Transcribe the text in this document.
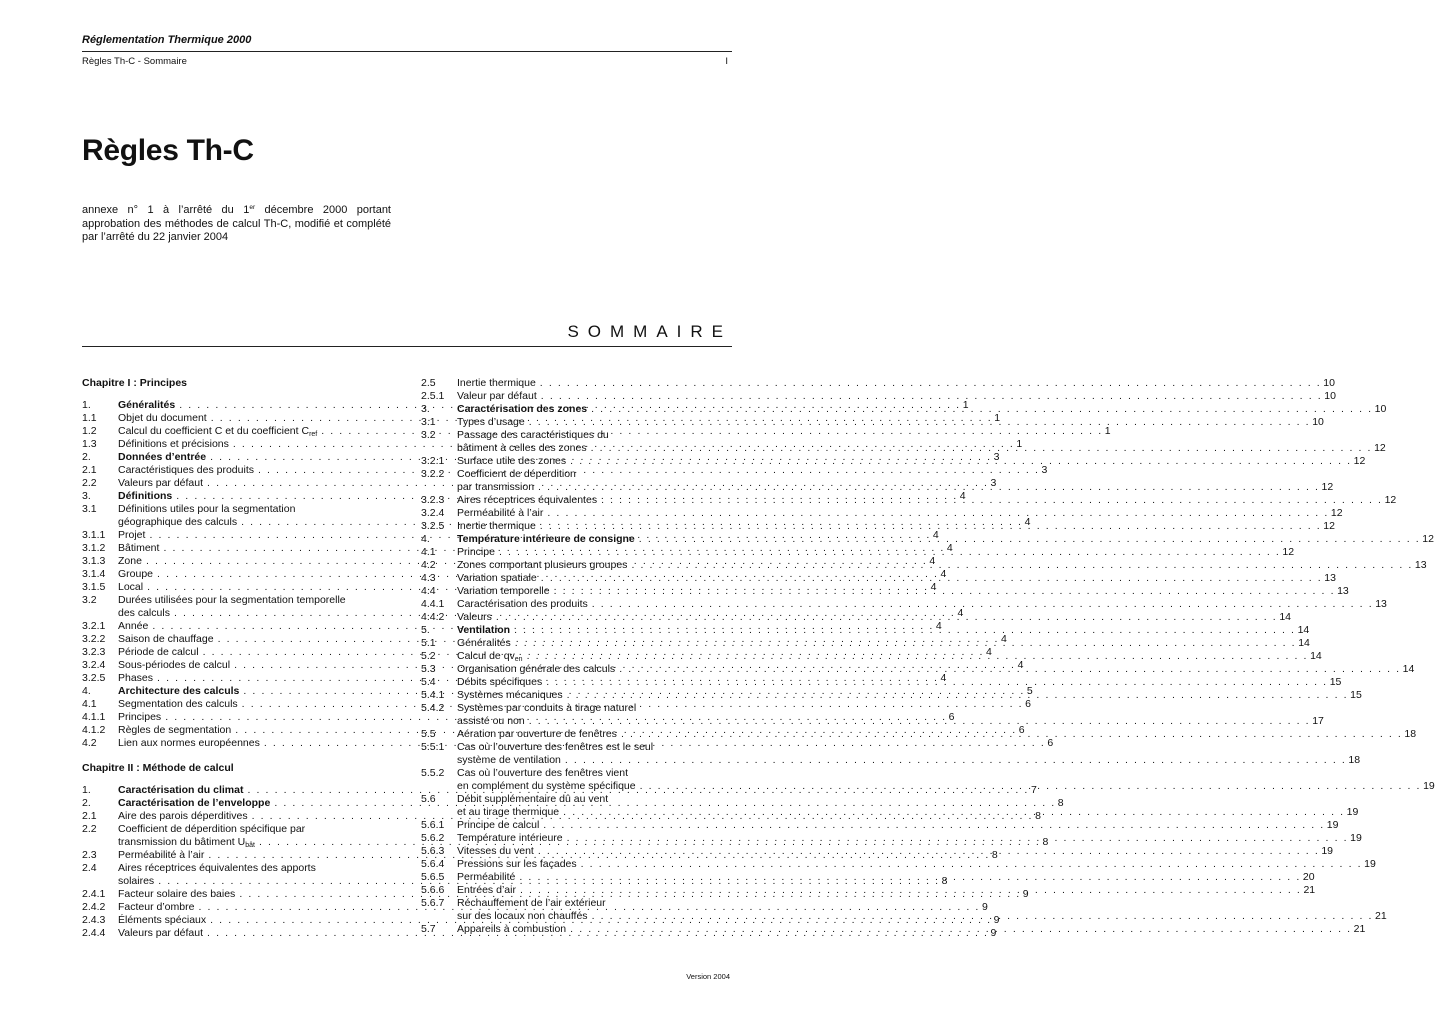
Réglementation Thermique 2000
Règles Th-C - Sommaire	I
Règles Th-C
annexe n° 1 à l’arrêté du 1er décembre 2000 portant approbation des méthodes de calcul Th-C, modifié et complété par l’arrêté du 22 janvier 2004
SOMMAIRE
Chapitre I : Principes
1.	Généralités . . .	1
1.1	Objet du document . . .	1
1.2	Calcul du coefficient C et du coefficient $C_{ref}$ . . .	1
1.3	Définitions et précisions . . .	1
2.	Données d’entrée . . .	3
2.1	Caractéristiques des produits . . .	3
2.2	Valeurs par défaut . . .	3
3.	Définitions . . .	4
3.1	Définitions utiles pour la segmentation
géographique des calculs . . .	4
3.1.1	Projet . . .	4
3.1.2	Bâtiment . . .	4
3.1.3	Zone . . .	4
3.1.4	Groupe . . .	4
3.1.5	Local . . .	4
3.2	Durées utilisées pour la segmentation temporelle
des calculs . . .	4
3.2.1	Année . . .	4
3.2.2	Saison de chauffage . . .	4
3.2.3	Période de calcul . . .	4
3.2.4	Sous-périodes de calcul . . .	4
3.2.5	Phases . . .	4
4.	Architecture des calculs . . .	5
4.1	Segmentation des calculs . . .	6
4.1.1	Principes . . .	6
4.1.2	Règles de segmentation . . .	6
4.2	Lien aux normes européennes . . .	6
Chapitre II : Méthode de calcul
1.	Caractérisation du climat . . .	7
2.	Caractérisation de l’enveloppe . . .	8
2.1	Aire des parois déperditives . . .	8
2.2	Coefficient de déperdition spécifique par
transmission du bâtiment $U_{bât}$ . . .	8
2.3	Perméabilité à l’air . . .	8
2.4	Aires réceptrices équivalentes des apports
solaires . . .	8
2.4.1	Facteur solaire des baies . . .	9
2.4.2	Facteur d’ombre . . .	9
2.4.3	Éléments spéciaux . . .	9
2.4.4	Valeurs par défaut . . .	9
2.5	Inertie thermique . . .	10
2.5.1	Valeur par défaut . . .	10
3.	Caractérisation des zones . . .	10
3.1	Types d’usage . . .	10
3.2	Passage des caractéristiques du
bâtiment à celles des zones . . .	12
3.2.1	Surface utile des zones . . .	12
3.2.2	Coefficient de déperdition
par transmission . . .	12
3.2.3	Aires réceptrices équivalentes . . .	12
3.2.4	Perméabilité à l’air . . .	12
3.2.5	Inertie thermique . . .	12
4.	Température intérieure de consigne . . .	12
4.1	Principe . . .	12
4.2	Zones comportant plusieurs groupes . . .	13
4.3	Variation spatiale . . .	13
4.4	Variation temporelle . . .	13
4.4.1	Caractérisation des produits . . .	13
4.4.2	Valeurs . . .	14
5.	Ventilation . . .	14
5.1	Généralités . . .	14
5.2	Calcul de $qv_{en}$ . . .	14
5.3	Organisation générale des calculs . . .	14
5.4	Débits spécifiques . . .	15
5.4.1	Systèmes mécaniques . . .	15
5.4.2	Systèmes par conduits à tirage naturel
assisté ou non . . .	17
5.5	Aération par ouverture de fenêtres . . .	18
5.5.1	Cas où l’ouverture des fenêtres est le seul
système de ventilation . . .	18
5.5.2	Cas où l’ouverture des fenêtres vient
en complément du système spécifique . . .	19
5.6	Débit supplémentaire dû au vent
et au tirage thermique . . .	19
5.6.1	Principe de calcul . . .	19
5.6.2	Température intérieure . . .	19
5.6.3	Vitesses du vent . . .	19
5.6.4	Pressions sur les façades . . .	19
5.6.5	Perméabilité . . .	20
5.6.6	Entrées d’air . . .	21
5.6.7	Réchauffement de l’air extérieur
sur des locaux non chauffés . . .	21
5.7	Appareils à combustion . . .	21
Version 2004
